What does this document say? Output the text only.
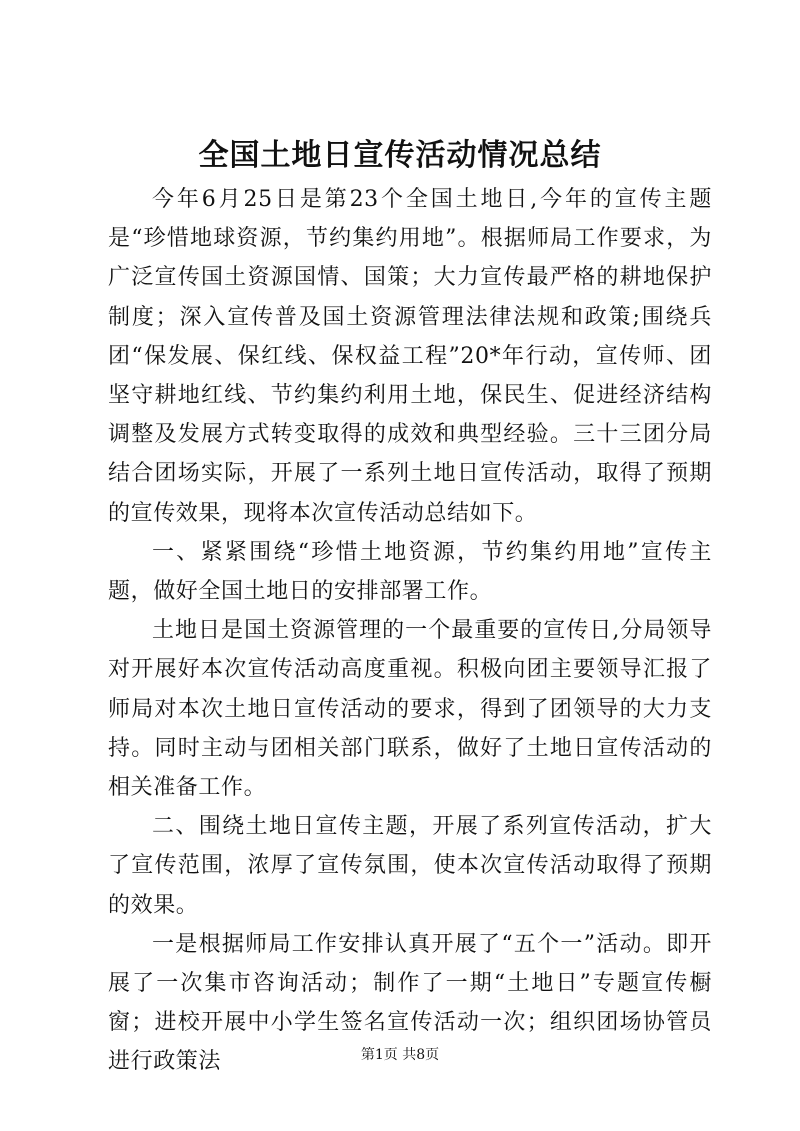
全国土地日宣传活动情况总结

今年6月25日是第23个全国土地日,今年的宣传主题是“珍惜地球资源，节约集约用地”。根据师局工作要求，为广泛宣传国土资源国情、国策；大力宣传最严格的耕地保护制度；深入宣传普及国土资源管理法律法规和政策;围绕兵团“保发展、保红线、保权益工程”20*年行动，宣传师、团坚守耕地红线、节约集约利用土地，保民生、促进经济结构调整及发展方式转变取得的成效和典型经验。三十三团分局结合团场实际，开展了一系列土地日宣传活动，取得了预期的宣传效果，现将本次宣传活动总结如下。

一、紧紧围绕“珍惜土地资源，节约集约用地”宣传主题，做好全国土地日的安排部署工作。

土地日是国土资源管理的一个最重要的宣传日,分局领导对开展好本次宣传活动高度重视。积极向团主要领导汇报了师局对本次土地日宣传活动的要求，得到了团领导的大力支持。同时主动与团相关部门联系，做好了土地日宣传活动的相关准备工作。

二、围绕土地日宣传主题，开展了系列宣传活动，扩大了宣传范围，浓厚了宣传氛围，使本次宣传活动取得了预期的效果。

一是根据师局工作安排认真开展了“五个一”活动。即开展了一次集市咨询活动；制作了一期“土地日”专题宣传橱窗；进校开展中小学生签名宣传活动一次；组织团场协管员进行政策法	第1页 共8页
